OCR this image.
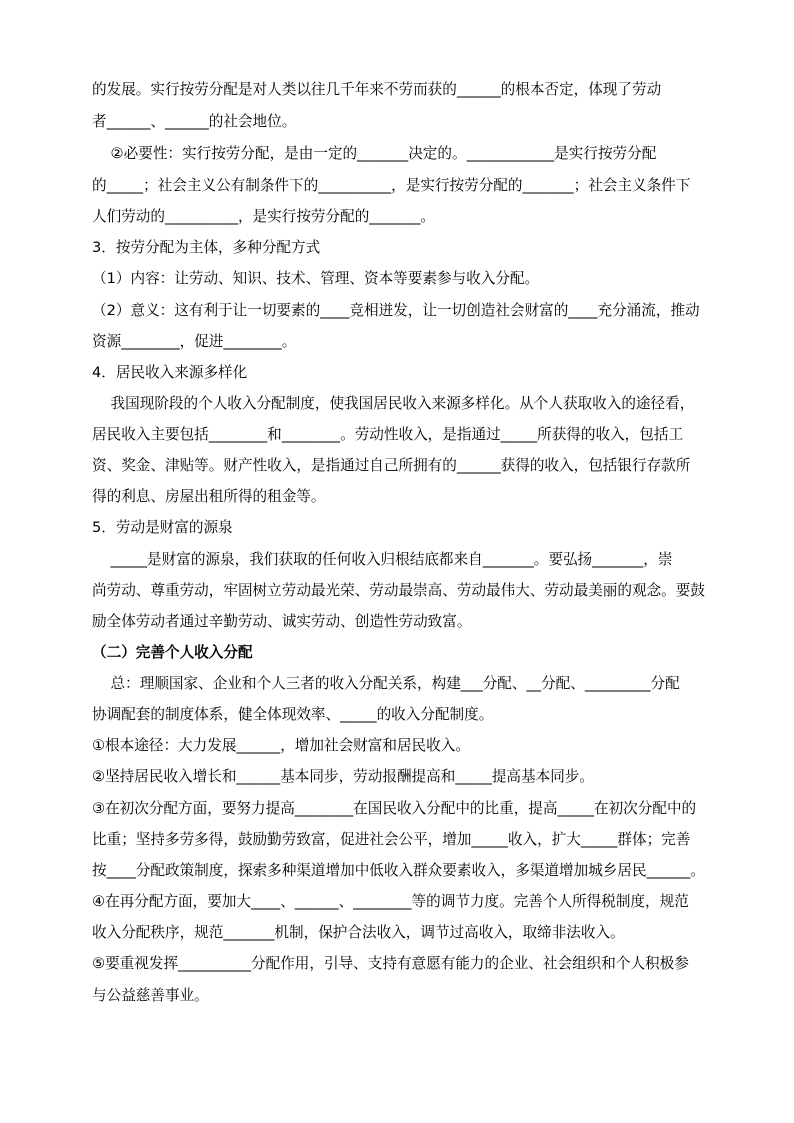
的发展。实行按劳分配是对人类以往几千年来不劳而获的______的根本否定，体现了劳动
者______、______的社会地位。
②必要性：实行按劳分配，是由一定的_______决定的。____________是实行按劳分配
的_____；社会主义公有制条件下的__________，是实行按劳分配的_______；社会主义条件下
人们劳动的__________，是实行按劳分配的_______。
3．按劳分配为主体，多种分配方式
（1）内容：让劳动、知识、技术、管理、资本等要素参与收入分配。
（2）意义：这有利于让一切要素的____竞相迸发，让一切创造社会财富的____充分涌流，推动
资源________，促进________。
4．居民收入来源多样化
我国现阶段的个人收入分配制度，使我国居民收入来源多样化。从个人获取收入的途径看，
居民收入主要包括________和________。劳动性收入，是指通过_____所获得的收入，包括工
资、奖金、津贴等。财产性收入，是指通过自己所拥有的______获得的收入，包括银行存款所
得的利息、房屋出租所得的租金等。
5．劳动是财富的源泉
_____是财富的源泉，我们获取的任何收入归根结底都来自_______。要弘扬_______，崇
尚劳动、尊重劳动，牢固树立劳动最光荣、劳动最崇高、劳动最伟大、劳动最美丽的观念。要鼓
励全体劳动者通过辛勤劳动、诚实劳动、创造性劳动致富。
（二）完善个人收入分配
总：理顺国家、企业和个人三者的收入分配关系，构建___分配、__分配、_________分配
协调配套的制度体系，健全体现效率、_____的收入分配制度。
①根本途径：大力发展______，增加社会财富和居民收入。
②坚持居民收入增长和______基本同步，劳动报酬提高和_____提高基本同步。
③在初次分配方面，要努力提高________在国民收入分配中的比重，提高_____在初次分配中的
比重；坚持多劳多得，鼓励勤劳致富，促进社会公平，增加_____收入，扩大_____群体；完善
按____分配政策制度，探索多种渠道增加中低收入群众要素收入，多渠道增加城乡居民______。
④在再分配方面，要加大____、______、________等的调节力度。完善个人所得税制度，规范
收入分配秩序，规范_______机制，保护合法收入，调节过高收入，取缔非法收入。
⑤要重视发挥__________分配作用，引导、支持有意愿有能力的企业、社会组织和个人积极参
与公益慈善事业。
